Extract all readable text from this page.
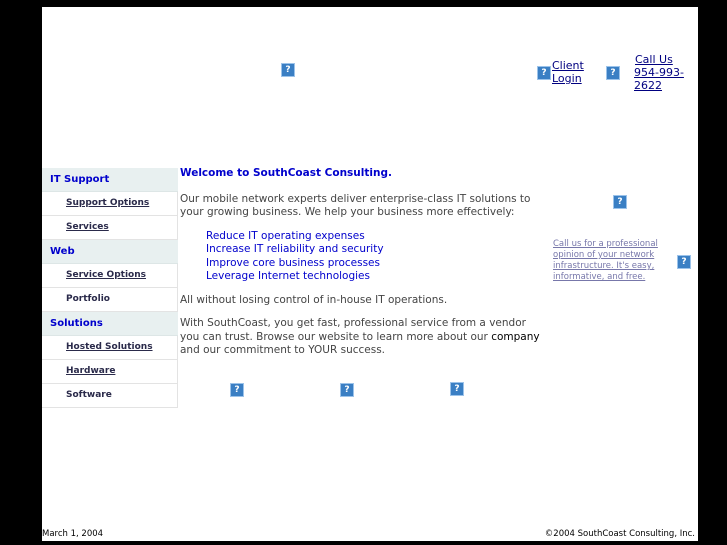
?	?
Client Login	?
Call Us
954-993-2622
IT Support
Support Options
Services
Web
Service Options
Portfolio
Solutions
Hosted Solutions
Hardware
Software
Welcome to SouthCoast Consulting.

Our mobile network experts deliver enterprise-class IT solutions to your growing business. We help your business more effectively:

Reduce IT operating expenses
Increase IT reliability and security
Improve core business processes
Leverage Internet technologies

All without losing control of in-house IT operations.

With SouthCoast, you get fast, professional service from a vendor you can trust. Browse our website to learn more about our company and our commitment to YOUR success.

?	?	?
?
Call us for a professional opinion of your network infrastructure. It's easy, informative, and free.
?
March 1, 2004	©2004 SouthCoast Consulting, Inc.
